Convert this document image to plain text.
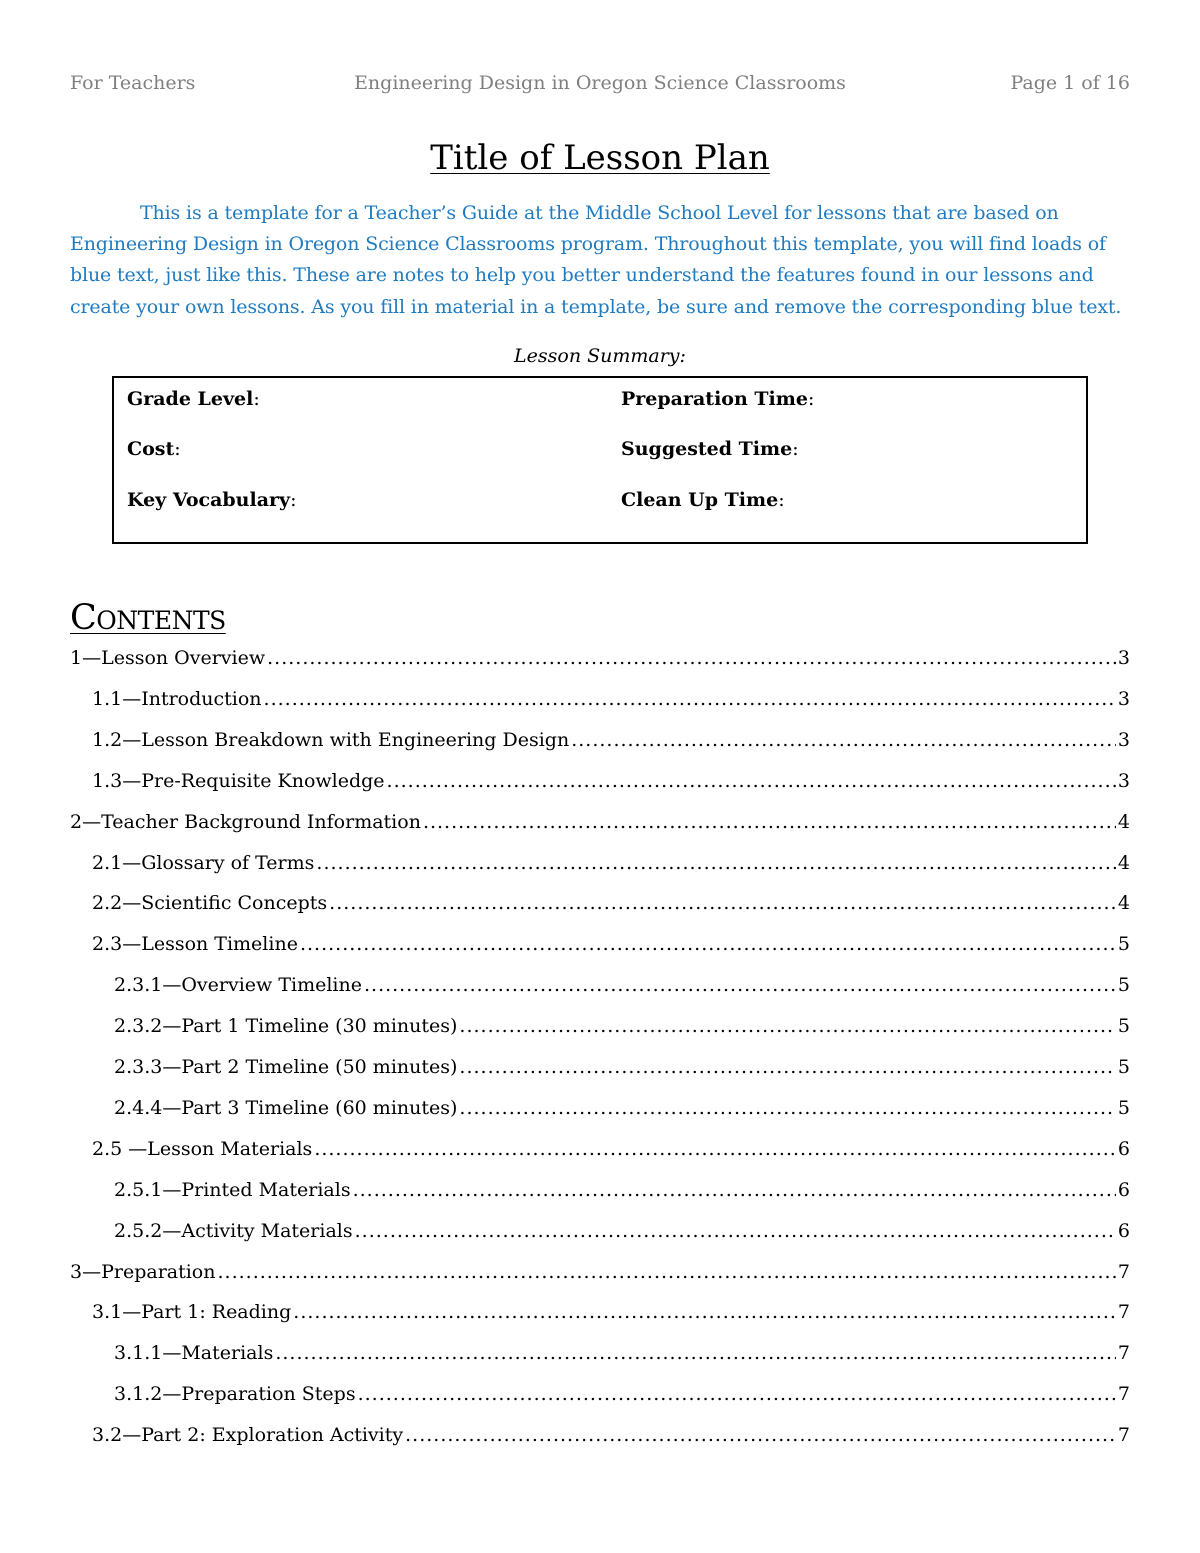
For Teachers	Engineering Design in Oregon Science Classrooms	Page 1 of 16
Title of Lesson Plan

This is a template for a Teacher’s Guide at the Middle School Level for lessons that are based on Engineering Design in Oregon Science Classrooms program. Throughout this template, you will find loads of blue text, just like this. These are notes to help you better understand the features found in our lessons and create your own lessons. As you fill in material in a template, be sure and remove the corresponding blue text.

Lesson Summary:
Grade Level:	Preparation Time:
Cost:	Suggested Time:
Key Vocabulary:	Clean Up Time:
Contents
1—Lesson Overview .....	3
1.1—Introduction .....	3
1.2—Lesson Breakdown with Engineering Design .....	3
1.3—Pre-Requisite Knowledge .....	3
2—Teacher Background Information .....	4
2.1—Glossary of Terms .....	4
2.2—Scientific Concepts .....	4
2.3—Lesson Timeline .....	5
2.3.1—Overview Timeline .....	5
2.3.2—Part 1 Timeline (30 minutes) .....	5
2.3.3—Part 2 Timeline (50 minutes) .....	5
2.4.4—Part 3 Timeline (60 minutes) .....	5
2.5 —Lesson Materials .....	6
2.5.1—Printed Materials .....	6
2.5.2—Activity Materials .....	6
3—Preparation .....	7
3.1—Part 1: Reading .....	7
3.1.1—Materials .....	7
3.1.2—Preparation Steps .....	7
3.2—Part 2: Exploration Activity .....	7
